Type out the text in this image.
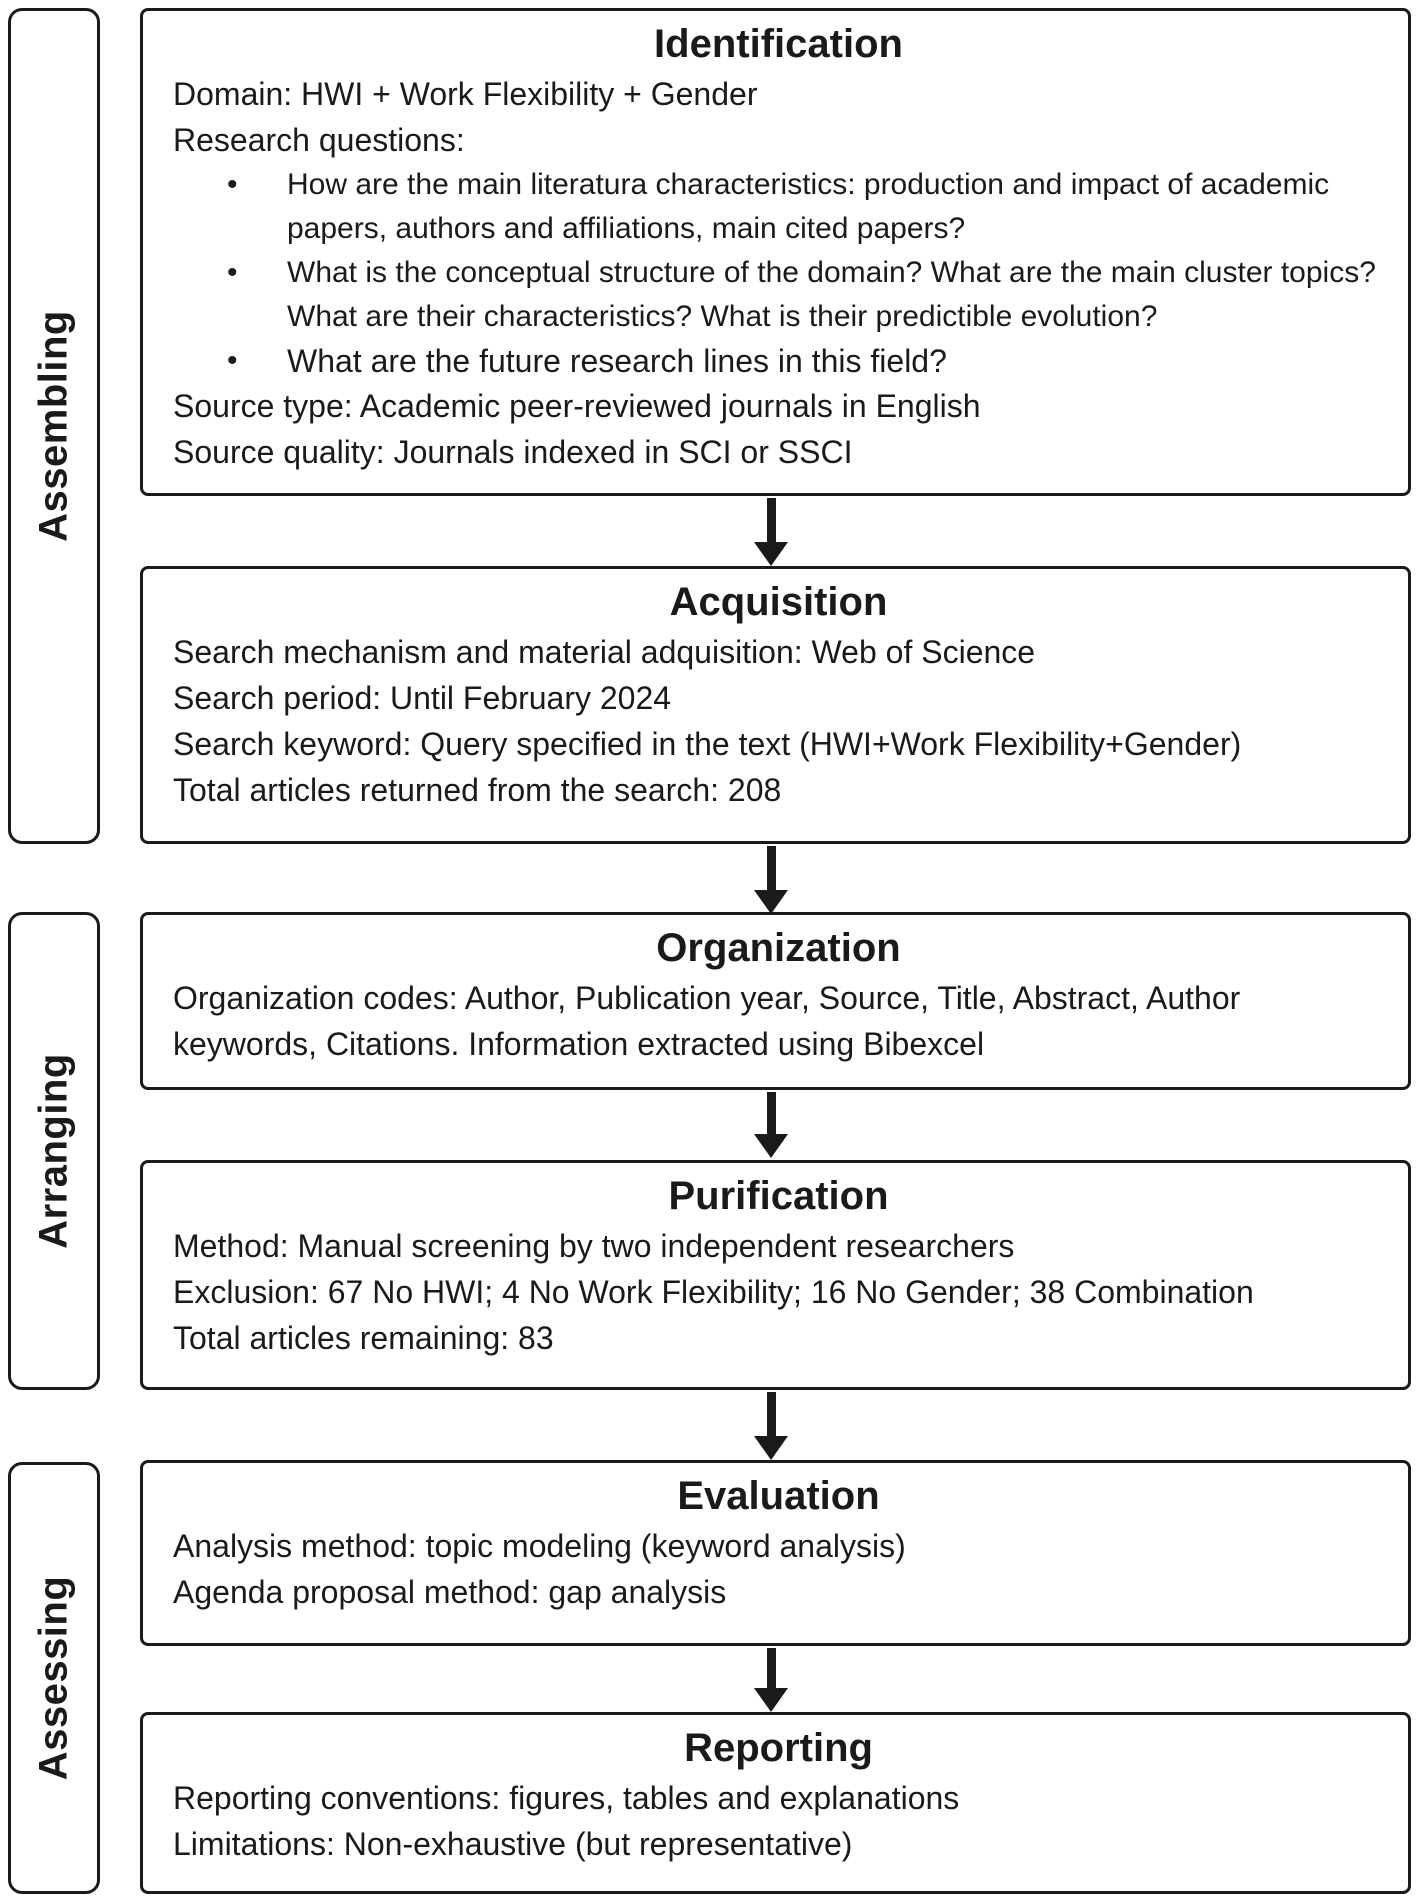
Assembling
Arranging
Assessing
Identification

Domain: HWI + Work Flexibility + Gender

Research questions:

• How are the main literatura characteristics: production and impact of academic papers, authors and affiliations, main cited papers?
• What is the conceptual structure of the domain? What are the main cluster topics? What are their characteristics? What is their predictible evolution?
• What are the future research lines in this field?

Source type: Academic peer-reviewed journals in English

Source quality: Journals indexed in SCI or SSCI

Acquisition

Search mechanism and material adquisition: Web of Science

Search period: Until February 2024

Search keyword: Query specified in the text (HWI+Work Flexibility+Gender)

Total articles returned from the search: 208

Organization

Organization codes: Author, Publication year, Source, Title, Abstract, Author keywords, Citations. Information extracted using Bibexcel

Purification

Method: Manual screening by two independent researchers

Exclusion: 67 No HWI; 4 No Work Flexibility; 16 No Gender; 38 Combination

Total articles remaining: 83

Evaluation

Analysis method: topic modeling (keyword analysis)

Agenda proposal method: gap analysis

Reporting

Reporting conventions: figures, tables and explanations

Limitations: Non-exhaustive (but representative)
